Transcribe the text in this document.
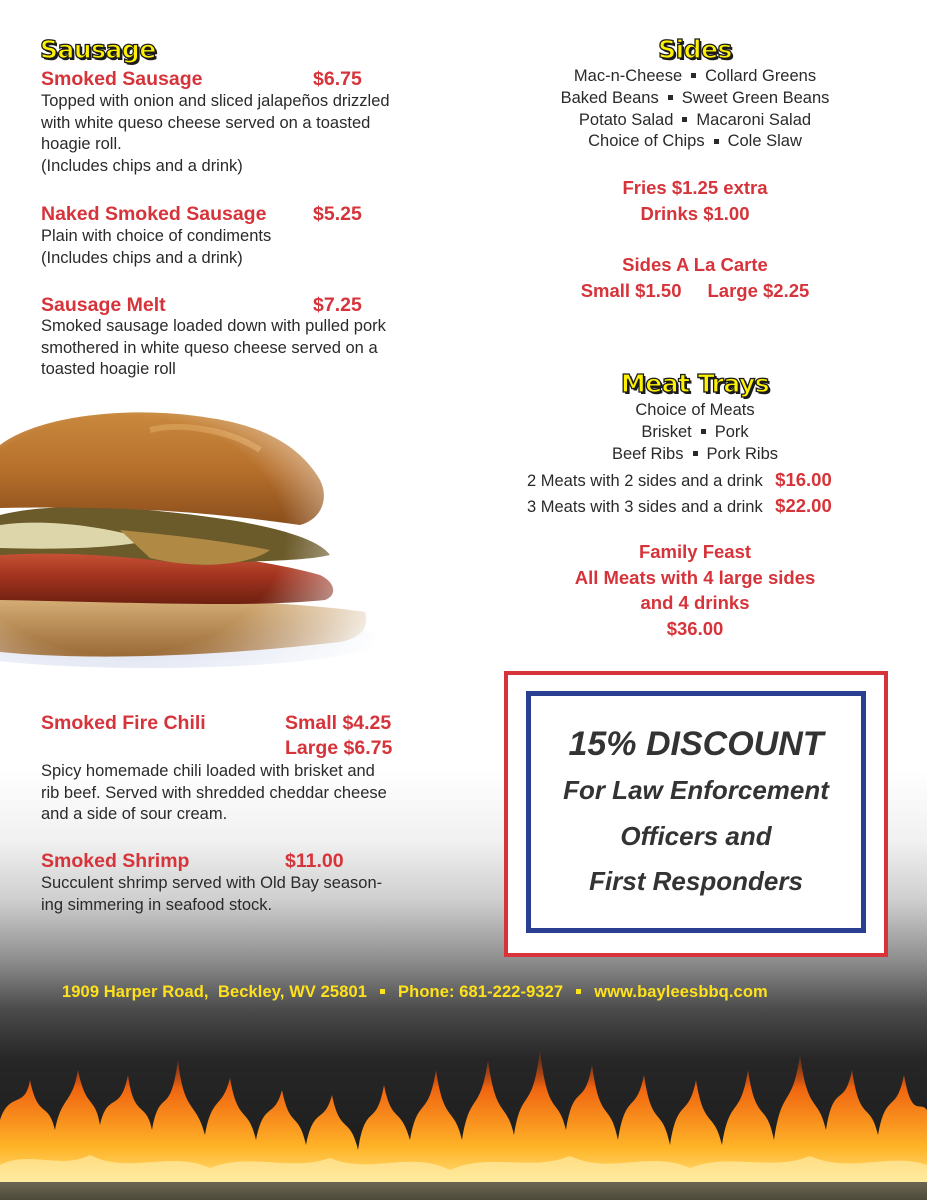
Sausage
Smoked Sausage	$6.75
Topped with onion and sliced jalapeños drizzled
with white queso cheese served on a toasted
hoagie roll.
(Includes chips and a drink)
Naked Smoked Sausage $5.25
Plain with choice of condiments
(Includes chips and a drink)
Sausage Melt	$7.25
Smoked sausage loaded down with pulled pork
smothered in white queso cheese served on a
toasted hoagie roll
Smoked Fire Chili	Small $4.25
Large $6.75
Spicy homemade chili loaded with brisket and
rib beef. Served with shredded cheddar cheese
and a side of sour cream.
Smoked Shrimp	$11.00
Succulent shrimp served with Old Bay season-
ing simmering in seafood stock.
Sides
Mac-n-Cheese Collard Greens
Baked Beans Sweet Green Beans
Potato Salad Macaroni Salad
Choice of Chips Cole Slaw
Fries $1.25 extra
Drinks $1.00
Sides A La Carte
Small $1.50 Large $2.25
Meat Trays
Choice of Meats
Brisket Pork
Beef Ribs Pork Ribs
2 Meats with 2 sides and a drink $16.00
3 Meats with 3 sides and a drink $22.00
Family Feast
All Meats with 4 large sides
and 4 drinks
$36.00
15% DISCOUNT
For Law Enforcement
Officers and
First Responders
1909 Harper Road,  Beckley, WV 25801 Phone: 681-222-9327 www.bayleesbbq.com
